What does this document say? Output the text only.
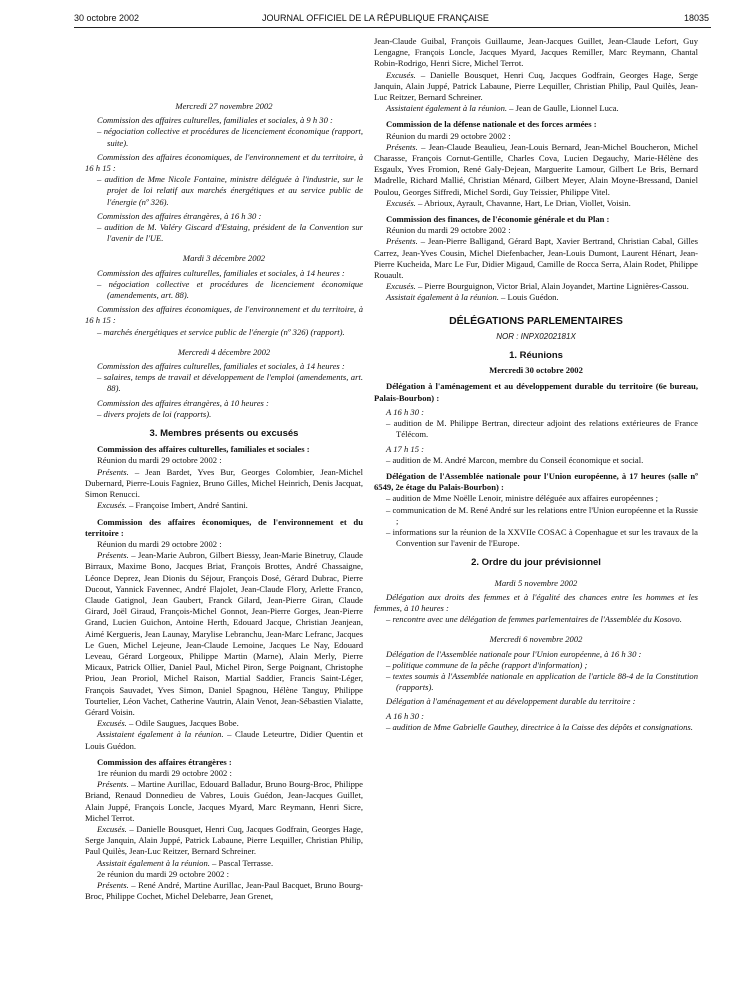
30 octobre 2002	JOURNAL OFFICIEL DE LA RÉPUBLIQUE FRANÇAISE	18035

Mercredi 27 novembre 2002

Commission des affaires culturelles, familiales et sociales, à 9 h 30 :

– négociation collective et procédures de licenciement économique (rapport, suite).

Commission des affaires économiques, de l'environnement et du territoire, à 16 h 15 :

– audition de Mme Nicole Fontaine, ministre déléguée à l'industrie, sur le projet de loi relatif aux marchés énergétiques et au service public de l'énergie (nº 326).

Commission des affaires étrangères, à 16 h 30 :

– audition de M. Valéry Giscard d'Estaing, président de la Convention sur l'avenir de l'UE.

Mardi 3 décembre 2002

Commission des affaires culturelles, familiales et sociales, à 14 heures :

– négociation collective et procédures de licenciement économique (amendements, art. 88).

Commission des affaires économiques, de l'environnement et du territoire, à 16 h 15 :

– marchés énergétiques et service public de l'énergie (nº 326) (rapport).

Mercredi 4 décembre 2002

Commission des affaires culturelles, familiales et sociales, à 14 heures :

– salaires, temps de travail et développement de l'emploi (amendements, art. 88).

Commission des affaires étrangères, à 10 heures :

– divers projets de loi (rapports).

3. Membres présents ou excusés

Commission des affaires culturelles, familiales et sociales :

Réunion du mardi 29 octobre 2002 :

Présents. – Jean Bardet, Yves Bur, Georges Colombier, Jean-Michel Dubernard, Pierre-Louis Fagniez, Bruno Gilles, Michel Heinrich, Denis Jacquat, Simon Renucci.

Excusés. – Françoise Imbert, André Santini.

Commission des affaires économiques, de l'environnement et du territoire :

Réunion du mardi 29 octobre 2002 :

Présents. – Jean-Marie Aubron, Gilbert Biessy, Jean-Marie Binetruy, Claude Birraux, Maxime Bono, Jacques Briat, François Brottes, André Chassaigne, Léonce Deprez, Jean Dionis du Séjour, François Dosé, Gérard Dubrac, Pierre Ducout, Yannick Favennec, André Flajolet, Jean-Claude Flory, Arlette Franco, Claude Gatignol, Jean Gaubert, Franck Gilard, Jean-Pierre Giran, Claude Girard, Joël Giraud, François-Michel Gonnot, Jean-Pierre Gorges, Jean-Pierre Grand, Lucien Guichon, Antoine Herth, Edouard Jacque, Christian Jeanjean, Aimé Kergueris, Jean Launay, Marylise Lebranchu, Jean-Marc Lefranc, Jacques Le Guen, Michel Lejeune, Jean-Claude Lemoine, Jacques Le Nay, Edouard Leveau, Gérard Lorgeoux, Philippe Martin (Marne), Alain Merly, Pierre Micaux, Patrick Ollier, Daniel Paul, Michel Piron, Serge Poignant, Christophe Priou, Jean Proriol, Michel Raison, Martial Saddier, Francis Saint-Léger, François Sauvadet, Yves Simon, Daniel Spagnou, Hélène Tanguy, Philippe Tourtelier, Léon Vachet, Catherine Vautrin, Alain Venot, Jean-Sébastien Vialatte, Gérard Voisin.

Excusés. – Odile Saugues, Jacques Bobe.

Assistaient également à la réunion. – Claude Leteurtre, Didier Quentin et Louis Guédon.

Commission des affaires étrangères :

1re réunion du mardi 29 octobre 2002 :

Présents. – Martine Aurillac, Edouard Balladur, Bruno Bourg-Broc, Philippe Briand, Renaud Donnedieu de Vabres, Louis Guédon, Jean-Jacques Guillet, Alain Juppé, François Loncle, Jacques Myard, Marc Reymann, Henri Sicre, Michel Terrot.

Excusés. – Danielle Bousquet, Henri Cuq, Jacques Godfrain, Georges Hage, Serge Janquin, Alain Juppé, Patrick Labaune, Pierre Lequiller, Christian Philip, Paul Quilès, Jean-Luc Reitzer, Bernard Schreiner.

Assistait également à la réunion. – Pascal Terrasse.

2e réunion du mardi 29 octobre 2002 :

Présents. – René André, Martine Aurillac, Jean-Paul Bacquet, Bruno Bourg-Broc, Philippe Cochet, Michel Delebarre, Jean Grenet,

Jean-Claude Guibal, François Guillaume, Jean-Jacques Guillet, Jean-Claude Lefort, Guy Lengagne, François Loncle, Jacques Myard, Jacques Remiller, Marc Reymann, Chantal Robin-Rodrigo, Henri Sicre, Michel Terrot.

Excusés. – Danielle Bousquet, Henri Cuq, Jacques Godfrain, Georges Hage, Serge Janquin, Alain Juppé, Patrick Labaune, Pierre Lequiller, Christian Philip, Paul Quilès, Jean-Luc Reitzer, Bernard Schreiner.

Assistaient également à la réunion. – Jean de Gaulle, Lionnel Luca.

Commission de la défense nationale et des forces armées :

Réunion du mardi 29 octobre 2002 :

Présents. – Jean-Claude Beaulieu, Jean-Louis Bernard, Jean-Michel Boucheron, Michel Charasse, François Cornut-Gentille, Charles Cova, Lucien Degauchy, Marie-Hélène des Esgaulx, Yves Fromion, René Galy-Dejean, Marguerite Lamour, Gilbert Le Bris, Bernard Madrelle, Richard Mallié, Christian Ménard, Gilbert Meyer, Alain Moyne-Bressand, Daniel Poulou, Georges Siffredi, Michel Sordi, Guy Teissier, Philippe Vitel.

Excusés. – Abrioux, Ayrault, Chavanne, Hart, Le Drian, Viollet, Voisin.

Commission des finances, de l'économie générale et du Plan :

Réunion du mardi 29 octobre 2002 :

Présents. – Jean-Pierre Balligand, Gérard Bapt, Xavier Bertrand, Christian Cabal, Gilles Carrez, Jean-Yves Cousin, Michel Diefenbacher, Jean-Louis Dumont, Laurent Hénart, Jean-Pierre Kucheida, Marc Le Fur, Didier Migaud, Camille de Rocca Serra, Alain Rodet, Philippe Rouault.

Excusés. – Pierre Bourguignon, Victor Brial, Alain Joyandet, Martine Lignières-Cassou.

Assistait également à la réunion. – Louis Guédon.

DÉLÉGATIONS PARLEMENTAIRES

NOR : INPX0202181X

1. Réunions

Mercredi 30 octobre 2002

Délégation à l'aménagement et au développement durable du territoire (6e bureau, Palais-Bourbon) :

A 16 h 30 :

– audition de M. Philippe Bertran, directeur adjoint des relations extérieures de France Télécom.

A 17 h 15 :

– audition de M. André Marcon, membre du Conseil économique et social.

Délégation de l'Assemblée nationale pour l'Union européenne, à 17 heures (salle nº 6549, 2e étage du Palais-Bourbon) :

– audition de Mme Noëlle Lenoir, ministre déléguée aux affaires européennes ;

– communication de M. René André sur les relations entre l'Union européenne et la Russie ;

– informations sur la réunion de la XXVIIe COSAC à Copenhague et sur les travaux de la Convention sur l'avenir de l'Europe.

2. Ordre du jour prévisionnel

Mardi 5 novembre 2002

Délégation aux droits des femmes et à l'égalité des chances entre les hommes et les femmes, à 10 heures :

– rencontre avec une délégation de femmes parlementaires de l'Assemblée du Kosovo.

Mercredi 6 novembre 2002

Délégation de l'Assemblée nationale pour l'Union européenne, à 16 h 30 :

– politique commune de la pêche (rapport d'information) ;

– textes soumis à l'Assemblée nationale en application de l'article 88-4 de la Constitution (rapports).

Délégation à l'aménagement et au développement durable du territoire :

A 16 h 30 :

– audition de Mme Gabrielle Gauthey, directrice à la Caisse des dépôts et consignations.
